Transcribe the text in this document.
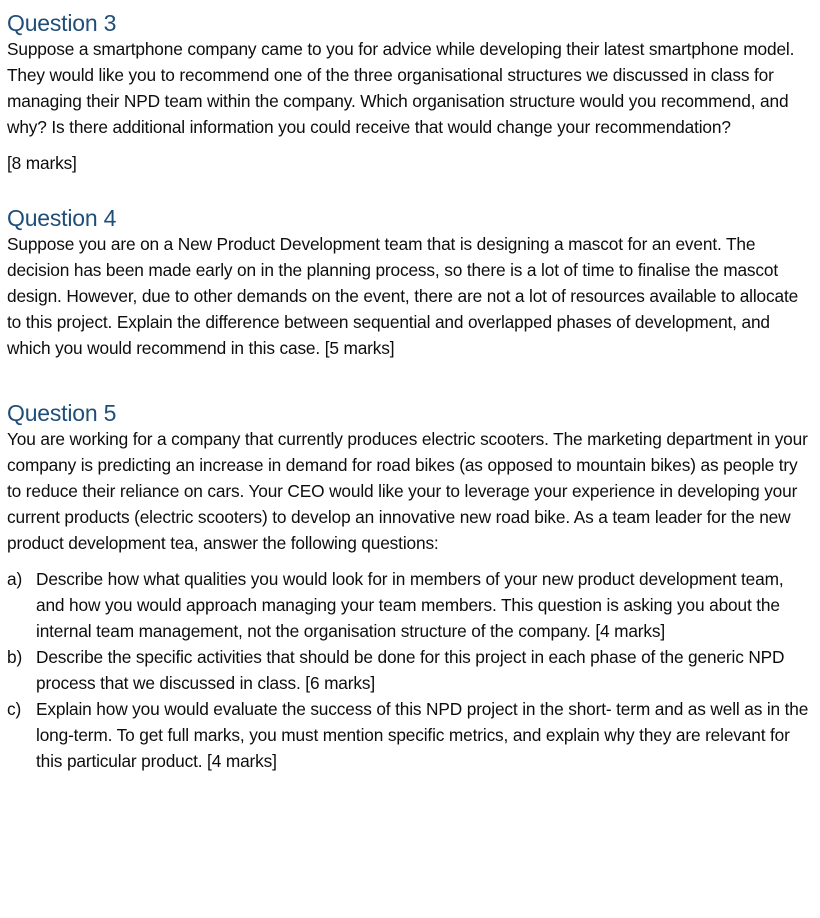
Question 3

Suppose a smartphone company came to you for advice while developing their latest smartphone model. They would like you to recommend one of the three organisational structures we discussed in class for managing their NPD team within the company. Which organisation structure would you recommend, and why? Is there additional information you could receive that would change your recommendation?

[8 marks]

Question 4

Suppose you are on a New Product Development team that is designing a mascot for an event. The decision has been made early on in the planning process, so there is a lot of time to finalise the mascot design. However, due to other demands on the event, there are not a lot of resources available to allocate to this project. Explain the difference between sequential and overlapped phases of development, and which you would recommend in this case. [5 marks]

Question 5

You are working for a company that currently produces electric scooters. The marketing department in your company is predicting an increase in demand for road bikes (as opposed to mountain bikes) as people try to reduce their reliance on cars. Your CEO would like your to leverage your experience in developing your current products (electric scooters) to develop an innovative new road bike. As a team leader for the new product development tea, answer the following questions:

a) Describe how what qualities you would look for in members of your new product development team, and how you would approach managing your team members. This question is asking you about the internal team management, not the organisation structure of the company. [4 marks]
b) Describe the specific activities that should be done for this project in each phase of the generic NPD process that we discussed in class. [6 marks]
c) Explain how you would evaluate the success of this NPD project in the short- term and as well as in the long-term. To get full marks, you must mention specific metrics, and explain why they are relevant for this particular product. [4 marks]
